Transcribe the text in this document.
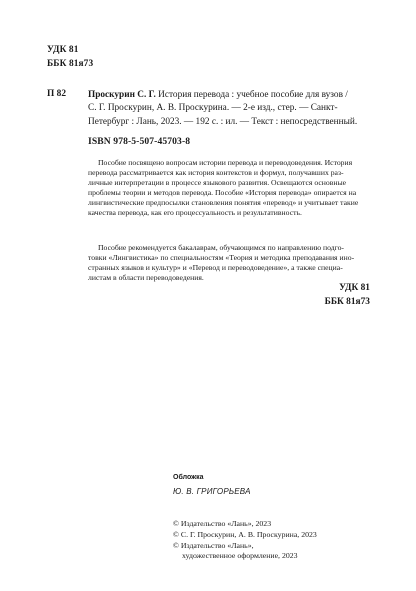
УДК 81
ББК 81я73
П 82 Проскурин С. Г. История перевода : учебное пособие для вузов /
С. Г. Проскурин, А. В. Проскурина. — 2-е изд., стер. — Санкт-
Петербург : Лань, 2023. — 192 с. : ил. — Текст : непосредственный.
ISBN 978-5-507-45703-8
Пособие посвящено вопросам истории перевода и переводоведения. История
перевода рассматривается как история контекстов и формул, получавших раз-
личные интерпретации в процессе языкового развития. Освещаются основные
проблемы теории и методов перевода. Пособие «История перевода» опирается на
лингвистические предпосылки становления понятия «перевод» и учитывает такие
качества перевода, как его процессуальность и результативность.
Пособие рекомендуется бакалаврам, обучающимся по направлению подго-
товки «Лингвистика» по специальностям «Теория и методика преподавания ино-
странных языков и культур» и «Перевод и переводоведение», а также специа-
листам в области переводоведения.
УДК 81
ББК 81я73
Обложка
Ю. В. ГРИГОРЬЕВА
© Издательство «Лань», 2023
© С. Г. Проскурин, А. В. Проскурина, 2023
© Издательство «Лань»,
художественное оформление, 2023
